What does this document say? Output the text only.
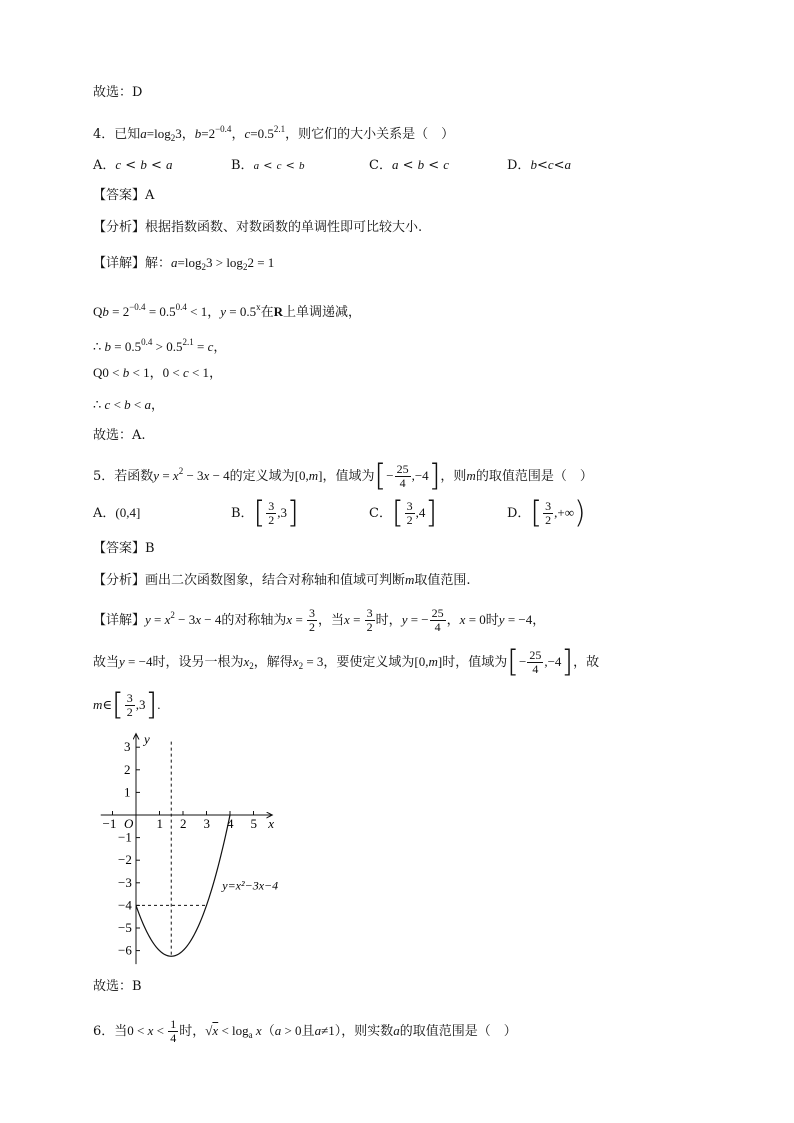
故选：D
4．已知$a=\log_23$，$b=2^{-0.4}$，$c=0.5^{2.1}$，则它们的大小关系是（　）
A．c < b < a	B．a < c < b	C．a < b < c	D．b<c<a
【答案】A
【分析】根据指数函数、对数函数的单调性即可比较大小.
【详解】解：$a=\log_23 > \log_22 = 1$
$Qb = 2^{-0.4} = 0.5^{0.4} < 1$，$y = 0.5^x$在R上单调递减，
∴ $b = 0.5^{0.4} > 0.5^{2.1} = c$，
Q0 < b < 1，0 < c < 1，
∴ c < b < a，
故选：A.
5．若函数$y = x^2 - 3x - 4$的定义域为[0,m]，值域为[− $\frac{25}{4} ,-4$]，则m的取值范围是（　）
A．(0,4]	B．[ $\frac{3}{2} ,3$]	C．[ $\frac{3}{2} ,4$]	D．[ $\frac{3}{2}$ ,+∞)
【答案】B
【分析】画出二次函数图象，结合对称轴和值域可判断m取值范围.
【详解】$y = x^2 - 3x - 4$的对称轴为$x = \frac{3}{2}$ ，当$x = \frac{3}{2}$ 时，y = − $\frac{25}{4}$ ，x = 0时y = −4，
故当y = −4时，设另一根为$x_2$，解得$x_2 = 3$，要使定义域为[0,m]时，值域为[− $\frac{25}{4} ,-4$]，故
m∈[ $\frac{3}{2} ,3$].
−1	1 2 3 4 5
3
2
1
−1
−2
−3
−4
−5
−6
x
y
O
y=x²−3x−4
故选：B
6．当$0 < x < \frac{1}{4}$ 时，$√x < \log_a x(a > 0$且a≠1），则实数a的取值范围是（　）
